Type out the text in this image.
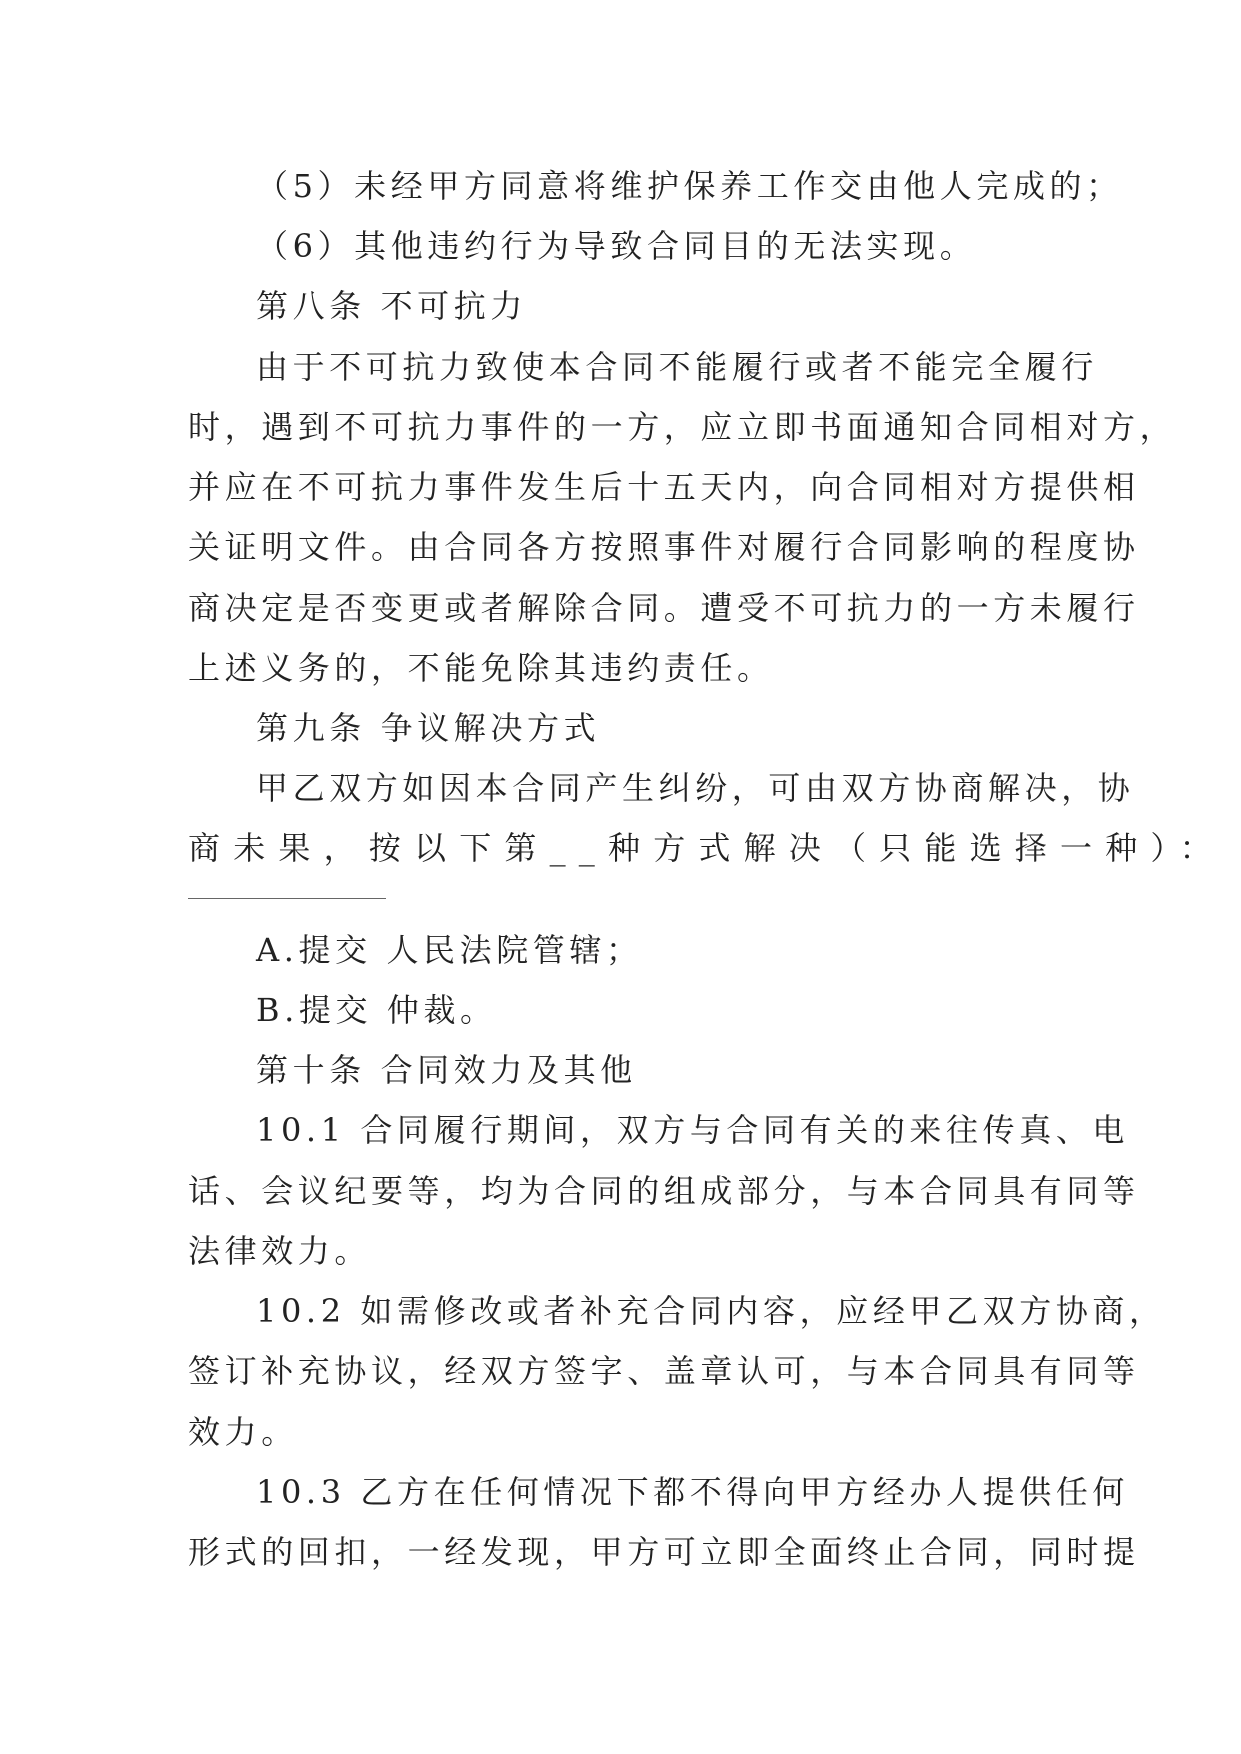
（5）未经甲方同意将维护保养工作交由他人完成的；
（6）其他违约行为导致合同目的无法实现。
第八条 不可抗力
由于不可抗力致使本合同不能履行或者不能完全履行
时，遇到不可抗力事件的一方，应立即书面通知合同相对方，
并应在不可抗力事件发生后十五天内，向合同相对方提供相
关证明文件。由合同各方按照事件对履行合同影响的程度协
商决定是否变更或者解除合同。遭受不可抗力的一方未履行
上述义务的，不能免除其违约责任。
第九条 争议解决方式
甲乙双方如因本合同产生纠纷，可由双方协商解决，协
商未果，按以下第__种方式解决（只能选择一种）：
A.提交 人民法院管辖；
B.提交 仲裁。
第十条 合同效力及其他
10.1 合同履行期间，双方与合同有关的来往传真、电
话、会议纪要等，均为合同的组成部分，与本合同具有同等
法律效力。
10.2 如需修改或者补充合同内容，应经甲乙双方协商，
签订补充协议，经双方签字、盖章认可，与本合同具有同等
效力。
10.3 乙方在任何情况下都不得向甲方经办人提供任何
形式的回扣，一经发现，甲方可立即全面终止合同，同时提
